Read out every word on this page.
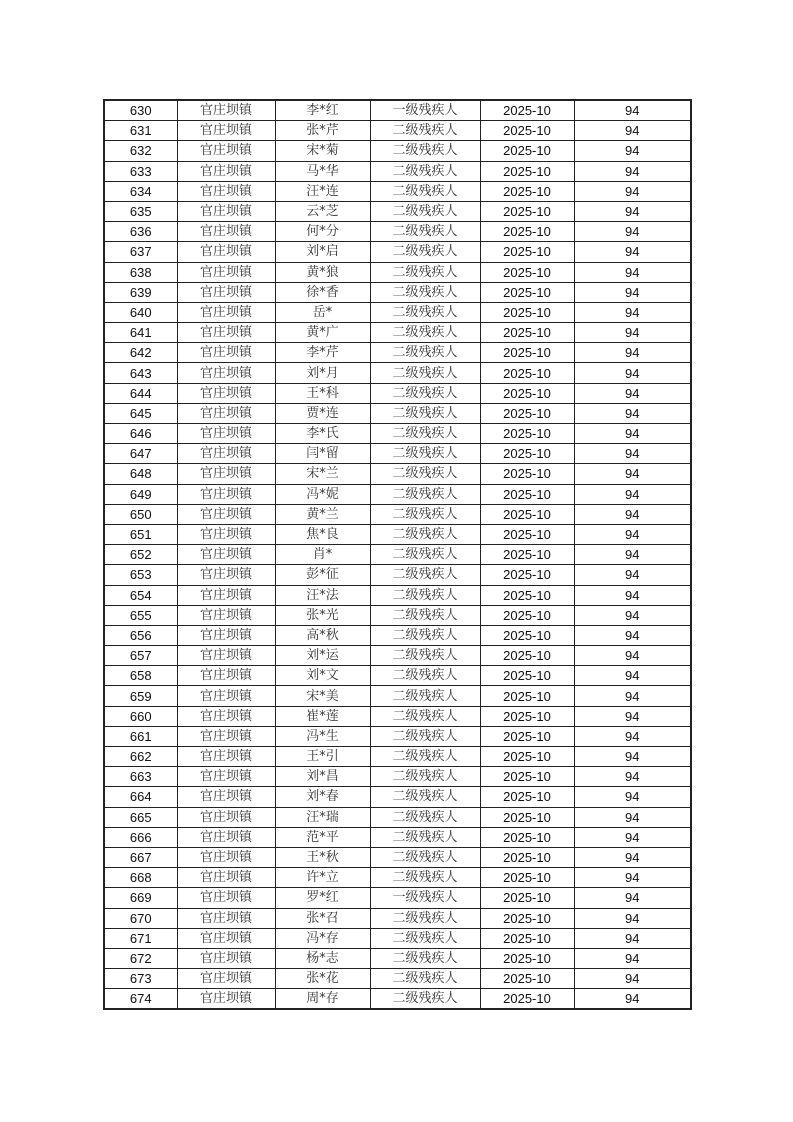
630	官庄坝镇	李*红	一级残疾人	2025-10	94
631	官庄坝镇	张*芹	二级残疾人	2025-10	94
632	官庄坝镇	宋*菊	二级残疾人	2025-10	94
633	官庄坝镇	马*华	二级残疾人	2025-10	94
634	官庄坝镇	汪*连	二级残疾人	2025-10	94
635	官庄坝镇	云*芝	二级残疾人	2025-10	94
636	官庄坝镇	何*分	二级残疾人	2025-10	94
637	官庄坝镇	刘*启	二级残疾人	2025-10	94
638	官庄坝镇	黄*狼	二级残疾人	2025-10	94
639	官庄坝镇	徐*香	二级残疾人	2025-10	94
640	官庄坝镇	岳*	二级残疾人	2025-10	94
641	官庄坝镇	黄*广	二级残疾人	2025-10	94
642	官庄坝镇	李*芹	二级残疾人	2025-10	94
643	官庄坝镇	刘*月	二级残疾人	2025-10	94
644	官庄坝镇	王*科	二级残疾人	2025-10	94
645	官庄坝镇	贾*连	二级残疾人	2025-10	94
646	官庄坝镇	李*氏	二级残疾人	2025-10	94
647	官庄坝镇	闫*留	二级残疾人	2025-10	94
648	官庄坝镇	宋*兰	二级残疾人	2025-10	94
649	官庄坝镇	冯*妮	二级残疾人	2025-10	94
650	官庄坝镇	黄*兰	二级残疾人	2025-10	94
651	官庄坝镇	焦*良	二级残疾人	2025-10	94
652	官庄坝镇	肖*	二级残疾人	2025-10	94
653	官庄坝镇	彭*征	二级残疾人	2025-10	94
654	官庄坝镇	汪*法	二级残疾人	2025-10	94
655	官庄坝镇	张*光	二级残疾人	2025-10	94
656	官庄坝镇	高*秋	二级残疾人	2025-10	94
657	官庄坝镇	刘*运	二级残疾人	2025-10	94
658	官庄坝镇	刘*文	二级残疾人	2025-10	94
659	官庄坝镇	宋*美	二级残疾人	2025-10	94
660	官庄坝镇	崔*莲	二级残疾人	2025-10	94
661	官庄坝镇	冯*生	二级残疾人	2025-10	94
662	官庄坝镇	王*引	二级残疾人	2025-10	94
663	官庄坝镇	刘*昌	二级残疾人	2025-10	94
664	官庄坝镇	刘*春	二级残疾人	2025-10	94
665	官庄坝镇	汪*瑞	二级残疾人	2025-10	94
666	官庄坝镇	范*平	二级残疾人	2025-10	94
667	官庄坝镇	王*秋	二级残疾人	2025-10	94
668	官庄坝镇	许*立	二级残疾人	2025-10	94
669	官庄坝镇	罗*红	一级残疾人	2025-10	94
670	官庄坝镇	张*召	二级残疾人	2025-10	94
671	官庄坝镇	冯*存	二级残疾人	2025-10	94
672	官庄坝镇	杨*志	二级残疾人	2025-10	94
673	官庄坝镇	张*花	二级残疾人	2025-10	94
674	官庄坝镇	周*存	二级残疾人	2025-10	94
